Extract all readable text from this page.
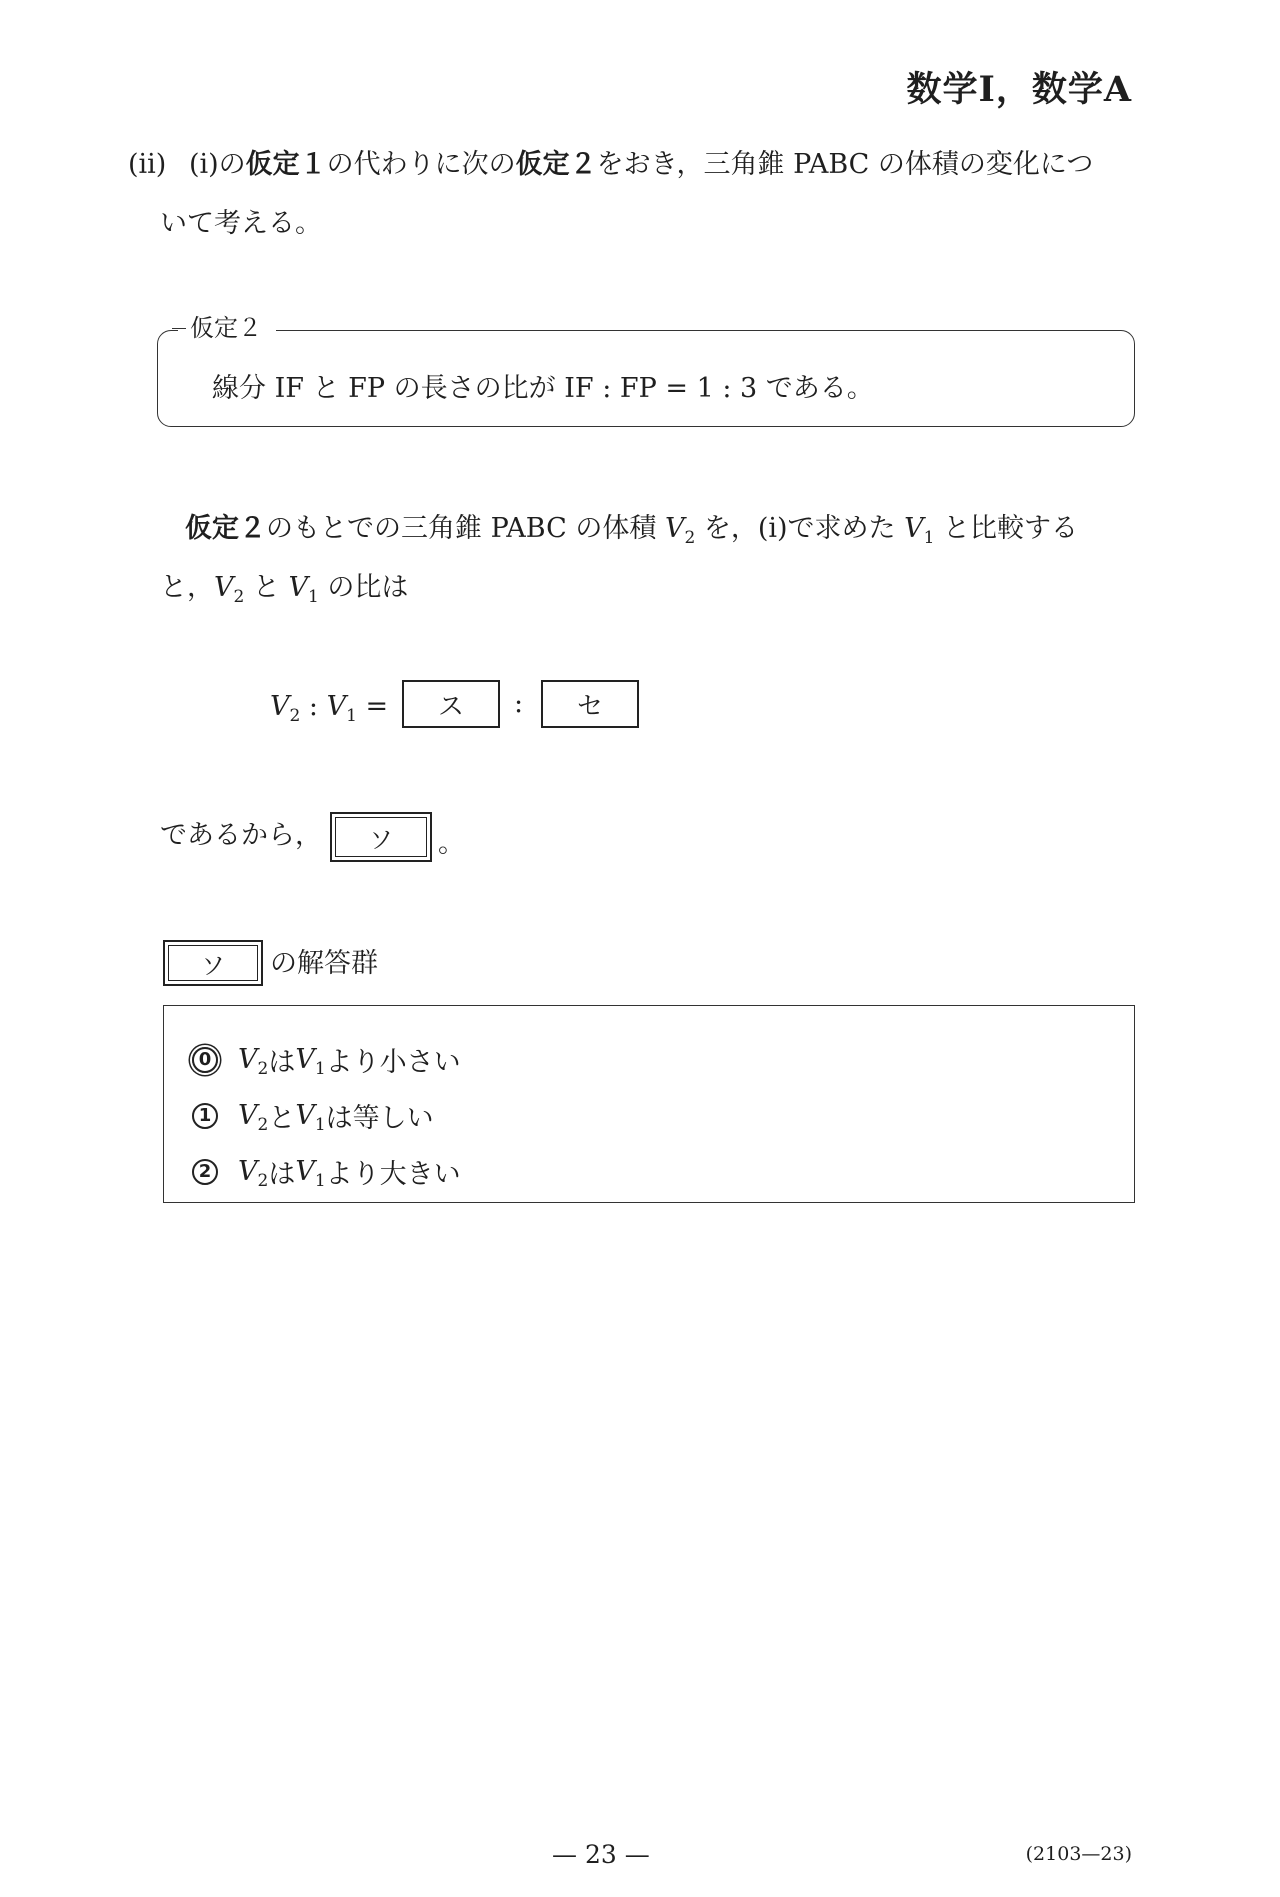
数学Ⅰ，数学A
(ii) (i)の仮定１の代わりに次の仮定２をおき，三角錐 PABC の体積の変化につ
いて考える。
仮定２
線分 IF と FP の長さの比が IF : FP = 1 : 3 である。
仮定２のもとでの三角錐 PABC の体積 $V_2$ を，(i)で求めた $V_1$ と比較する
と，$V_2$ と $V_1$ の比は
$V_2$ : $V_1$ =	ス	:	セ
であるから，	ソ	。
ソ	の解答群
0 $V_2$ は $V_1$ より小さい
1 $V_2$ と $V_1$ は等しい
2 $V_2$ は $V_1$ より大きい
— 23 —	(2103—23)
